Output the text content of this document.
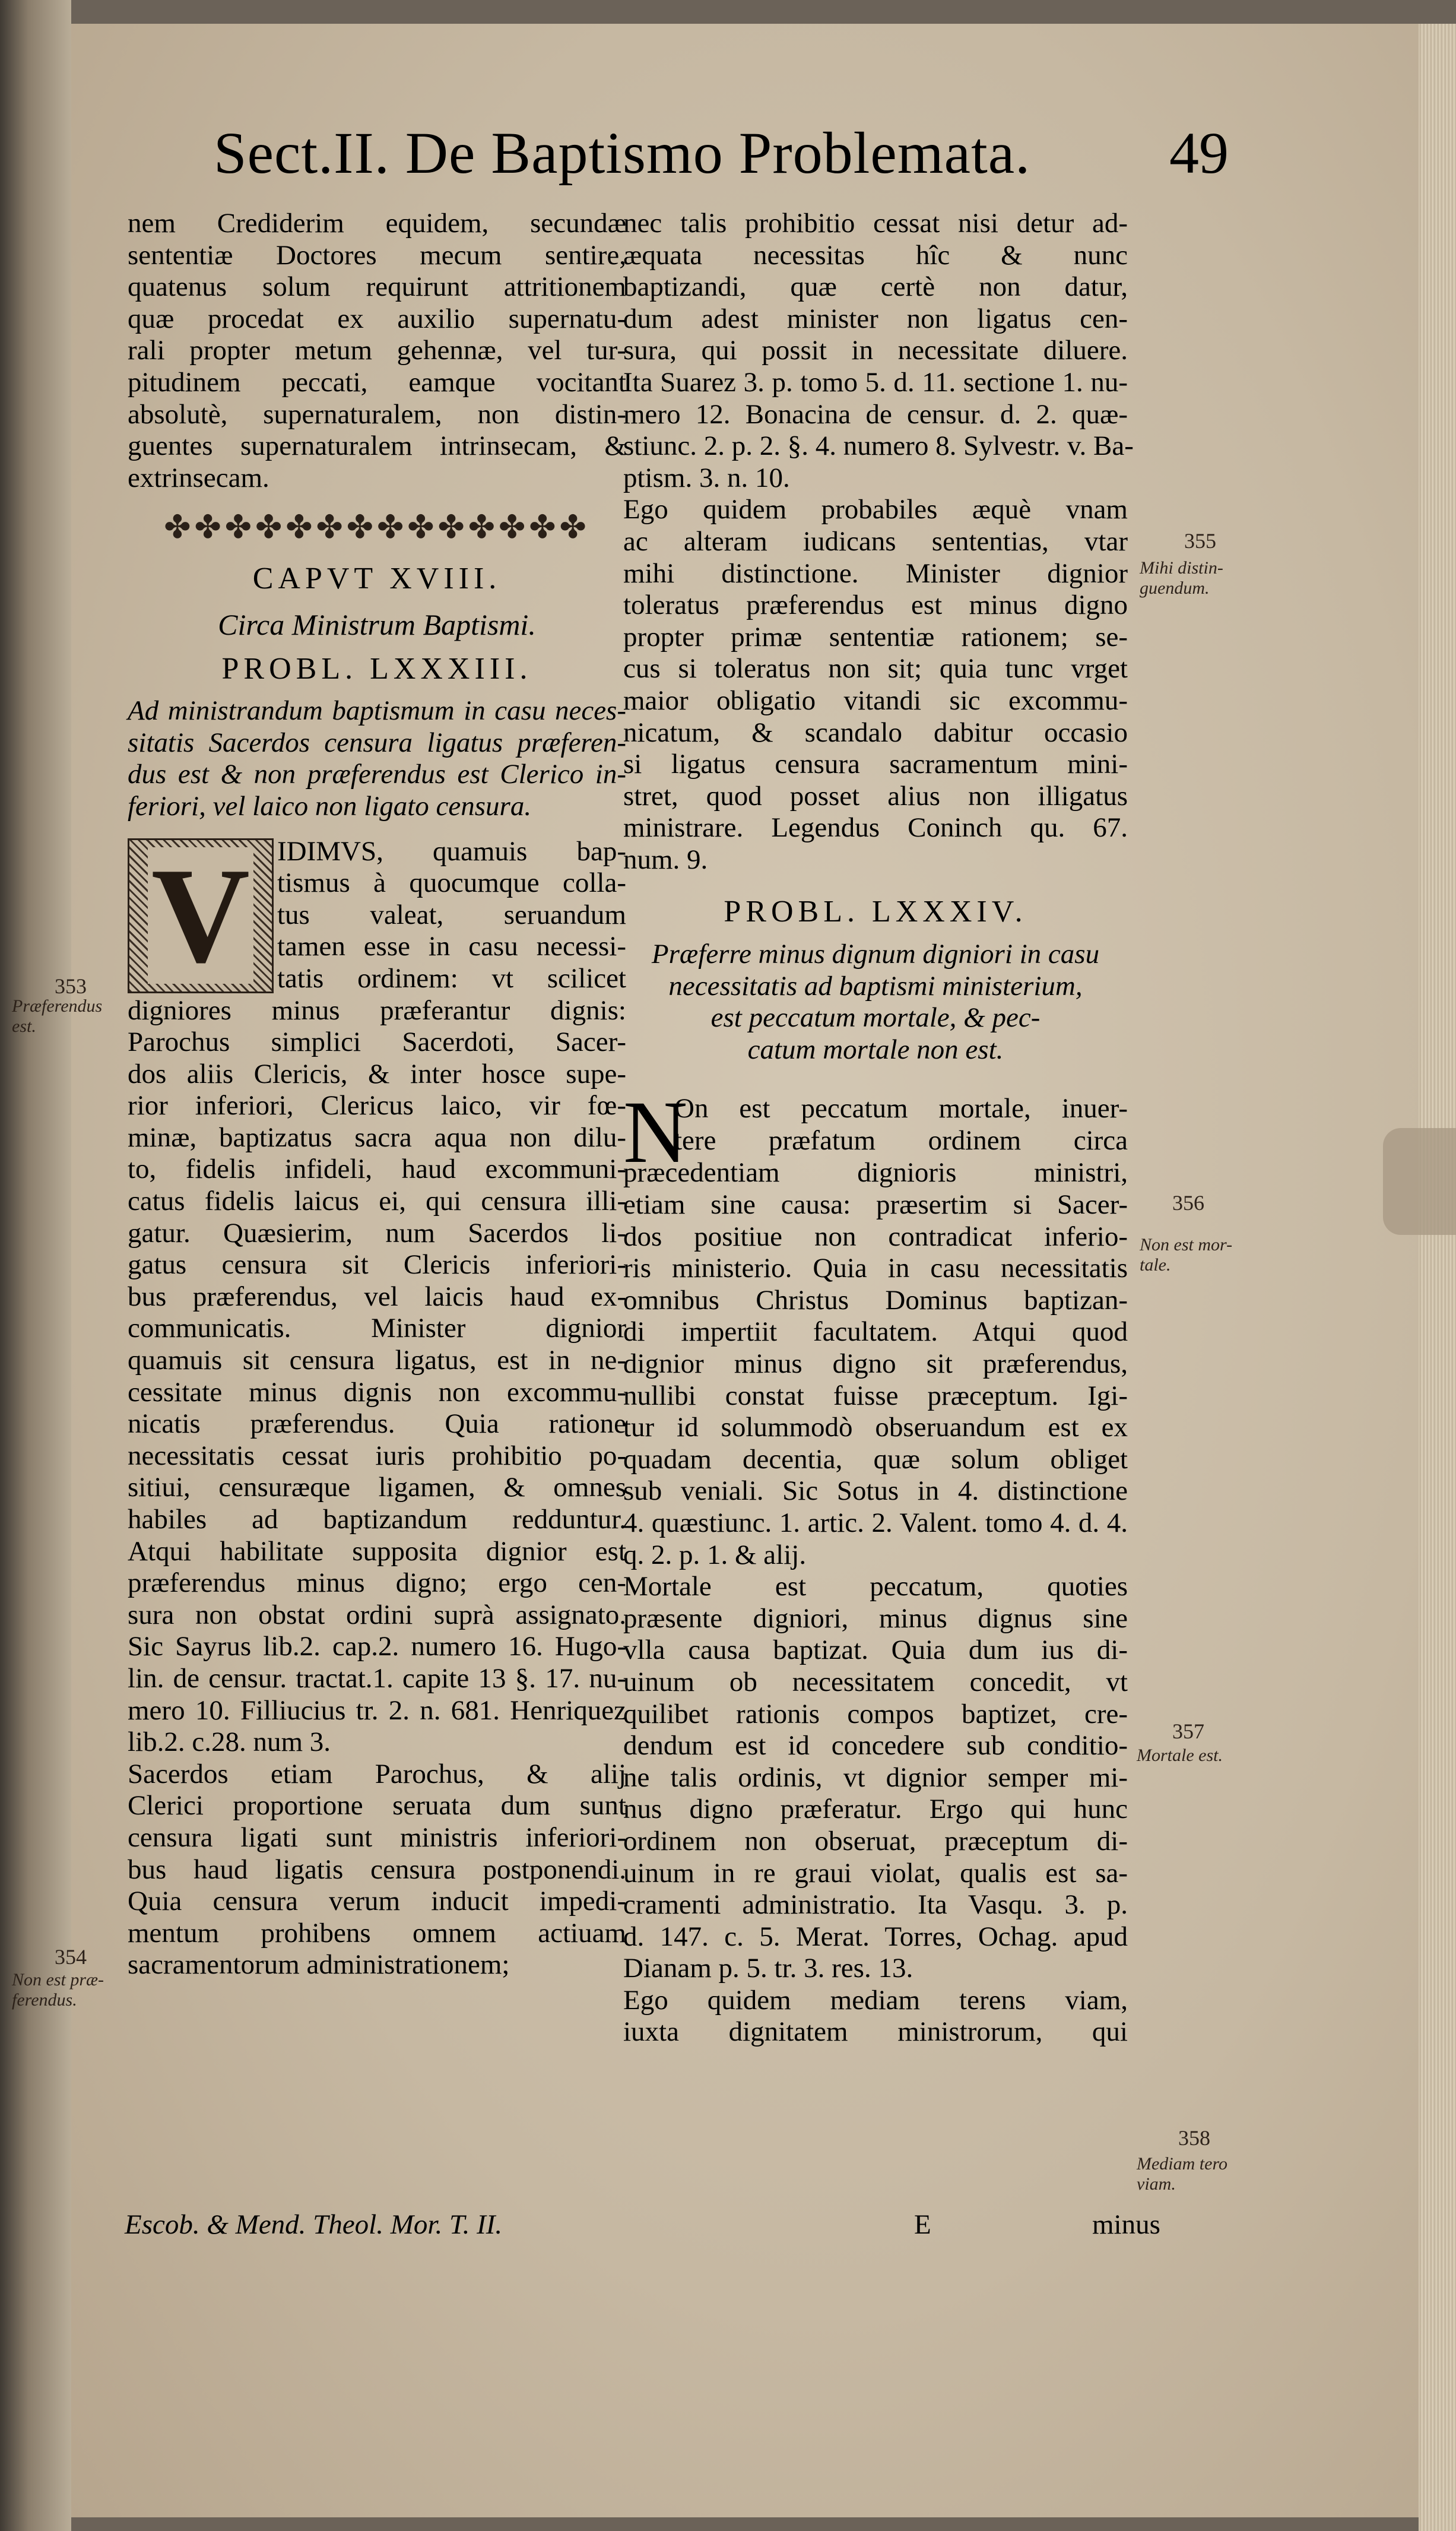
Sect.II. De Baptismo Problemata. 49
nem Crediderim equidem, secundæ
sententiæ Doctores mecum sentire,
quatenus solum requirunt attritionem
quæ procedat ex auxilio supernatu-
rali propter metum gehennæ, vel tur-
pitudinem peccati, eamque vocitant
absolutè, supernaturalem, non distin-
guentes supernaturalem intrinsecam, &
extrinsecam.
✤✤✤✤✤✤✤✤✤✤✤✤✤✤
CAPVT XVIII.
Circa Ministrum Baptismi.
PROBL. LXXXIII.
Ad ministrandum baptismum in casu neces-
sitatis Sacerdos censura ligatus præferen-
dus est & non præferendus est Clerico in-
feriori, vel laico non ligato censura.
V IDIMVS, quamuis bap-
tismus à quocumque colla-
tus valeat, seruandum
tamen esse in casu necessi-
tatis ordinem: vt scilicet
digniores minus præferantur dignis:
Parochus simplici Sacerdoti, Sacer-
dos aliis Clericis, & inter hosce supe-
rior inferiori, Clericus laico, vir fœ-
minæ, baptizatus sacra aqua non dilu-
to, fidelis infideli, haud excommuni-
catus fidelis laicus ei, qui censura illi-
gatur. Quæsierim, num Sacerdos li-
gatus censura sit Clericis inferiori-
bus præferendus, vel laicis haud ex-
communicatis. Minister dignior
quamuis sit censura ligatus, est in ne-
cessitate minus dignis non excommu-
nicatis præferendus. Quia ratione
necessitatis cessat iuris prohibitio po-
sitiui, censuræque ligamen, & omnes
habiles ad baptizandum redduntur.
Atqui habilitate supposita dignior est
præferendus minus digno; ergo cen-
sura non obstat ordini suprà assignato.
Sic Sayrus lib.2. cap.2. numero 16. Hugo-
lin. de censur. tractat.1. capite 13 §. 17. nu-
mero 10. Filliucius tr. 2. n. 681. Henriquez
lib.2. c.28. num 3.
Sacerdos etiam Parochus, & alij
Clerici proportione seruata dum sunt
censura ligati sunt ministris inferiori-
bus haud ligatis censura postponendi.
Quia censura verum inducit impedi-
mentum prohibens omnem actiuam
sacramentorum administrationem;
nec talis prohibitio cessat nisi detur ad-
æquata necessitas hîc & nunc
baptizandi, quæ certè non datur,
dum adest minister non ligatus cen-
sura, qui possit in necessitate diluere.
Ita Suarez 3. p. tomo 5. d. 11. sectione 1. nu-
mero 12. Bonacina de censur. d. 2. quæ-
stiunc. 2. p. 2. §. 4. numero 8. Sylvestr. v. Ba-
ptism. 3. n. 10.
Ego quidem probabiles æquè vnam
ac alteram iudicans sententias, vtar
mihi distinctione. Minister dignior
toleratus præferendus est minus digno
propter primæ sententiæ rationem; se-
cus si toleratus non sit; quia tunc vrget
maior obligatio vitandi sic excommu-
nicatum, & scandalo dabitur occasio
si ligatus censura sacramentum mini-
stret, quod posset alius non illigatus
ministrare. Legendus Coninch qu. 67.
num. 9.
PROBL. LXXXIV.
Præferre minus dignum digniori in casu
necessitatis ad baptismi ministerium,
est peccatum mortale, & pec-
catum mortale non est.
N
On est peccatum mortale, inuer-
tere præfatum ordinem circa
præcedentiam dignioris ministri,
etiam sine causa: præsertim si Sacer-
dos positiue non contradicat inferio-
ris ministerio. Quia in casu necessitatis
omnibus Christus Dominus baptizan-
di impertiit facultatem. Atqui quod
dignior minus digno sit præferendus,
nullibi constat fuisse præceptum. Igi-
tur id solummodò obseruandum est ex
quadam decentia, quæ solum obliget
sub veniali. Sic Sotus in 4. distinctione
4. quæstiunc. 1. artic. 2. Valent. tomo 4. d. 4.
q. 2. p. 1. & alij.
Mortale est peccatum, quoties
præsente digniori, minus dignus sine
vlla causa baptizat. Quia dum ius di-
uinum ob necessitatem concedit, vt
quilibet rationis compos baptizet, cre-
dendum est id concedere sub conditio-
ne talis ordinis, vt dignior semper mi-
nus digno præferatur. Ergo qui hunc
ordinem non obseruat, præceptum di-
uinum in re graui violat, qualis est sa-
cramenti administratio. Ita Vasqu. 3. p.
d. 147. c. 5. Merat. Torres, Ochag. apud
Dianam p. 5. tr. 3. res. 13.
Ego quidem mediam terens viam,
iuxta dignitatem ministrorum, qui
353
Præferendus est.
354
Non est præ-ferendus.
355
Mihi distin-guendum.
356
Non est mor-tale.
357
Mortale est.
358
Mediam tero viam.
Escob. & Mend. Theol. Mor. T. II.	E	minus
